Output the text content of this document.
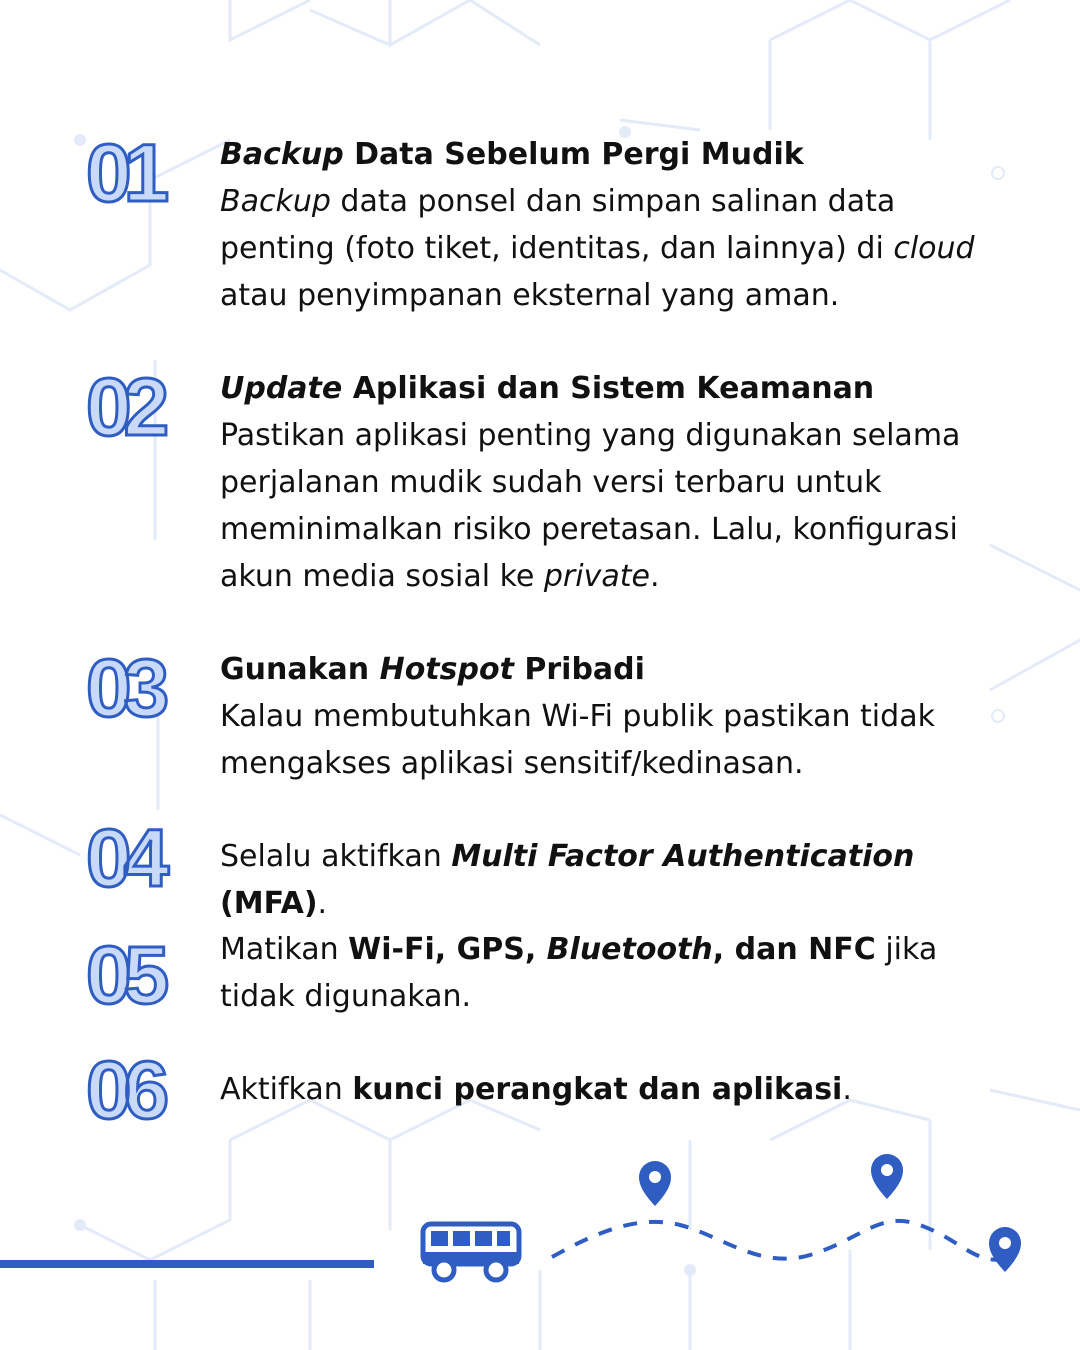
01	Backup Data Sebelum Pergi Mudik
Backup data ponsel dan simpan salinan data penting (foto tiket, identitas, dan lainnya) di cloud atau penyimpanan eksternal yang aman.
02	Update Aplikasi dan Sistem Keamanan
Pastikan aplikasi penting yang digunakan selama perjalanan mudik sudah versi terbaru untuk meminimalkan risiko peretasan. Lalu, konfigurasi akun media sosial ke private.
03	Gunakan Hotspot Pribadi
Kalau membutuhkan Wi-Fi publik pastikan tidak mengakses aplikasi sensitif/kedinasan.
04	Selalu aktifkan Multi Factor Authentication (MFA).
05	Matikan Wi-Fi, GPS, Bluetooth, dan NFC jika tidak digunakan.
06	Aktifkan kunci perangkat dan aplikasi.
